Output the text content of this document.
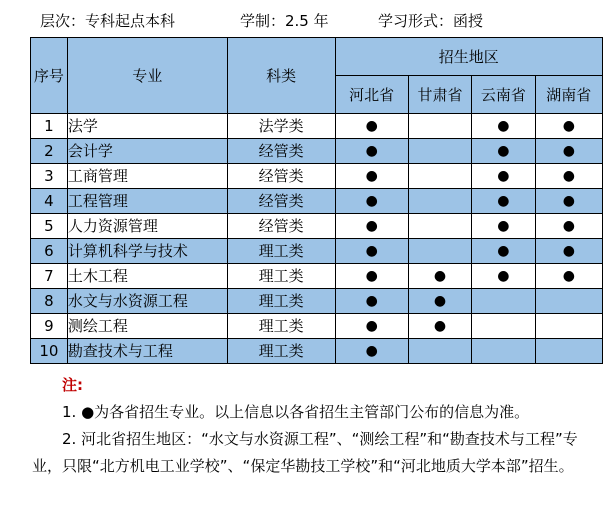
层次：专科起点本科	学制：2.5 年	学习形式：函授
序号	专业	科类	招生地区			
			河北省	甘肃省	云南省	湖南省
1	法学	法学类	●		●	●
2	会计学	经管类	●		●	●
3	工商管理	经管类	●		●	●
4	工程管理	经管类	●		●	●
5	人力资源管理	经管类	●		●	●
6	计算机科学与技术	理工类	●		●	●
7	土木工程	理工类	●	●	●	●
8	水文与水资源工程	理工类	●	●		
9	测绘工程	理工类	●	●		
10	勘查技术与工程	理工类	●			
注:

1. ●为各省招生专业。以上信息以各省招生主管部门公布的信息为准。

2. 河北省招生地区：“水文与水资源工程”、“测绘工程”和“勘查技术与工程”专业，只限“北方机电工业学校”、“保定华勘技工学校”和“河北地质大学本部”招生。
